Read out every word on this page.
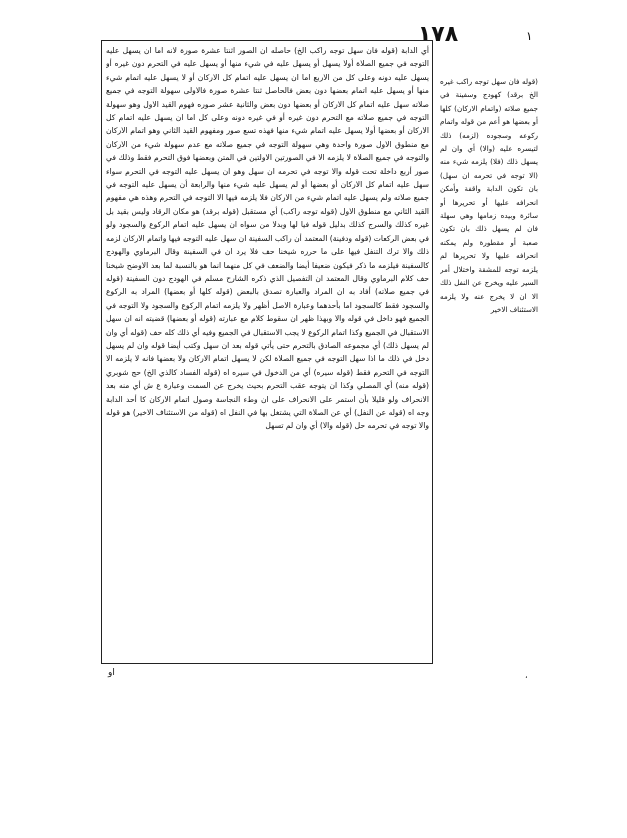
١
١٧٨
أي الدابة (قوله فان سهل توجه راكب الخ) حاصله ان الصور اثنتا عشرة صورة لانه اما ان يسهل عليه التوجه في جميع الصلاة أولا يسهل أو يسهل عليه في شيء منها أو يسهل عليه في التحرم دون غيره أو يسهل عليه دونه وعلى كل من الاربع اما ان يسهل عليه اتمام كل الاركان أو لا يسهل عليه اتمام شيء منها أو يسهل عليه اتمام بعضها دون بعض فالحاصل ثنتا عشرة صورة فالاولى سهولة التوجه في جميع صلاته سهل عليه اتمام كل الاركان أو بعضها دون بعض والثانية عشر صوره فهوم القيد الاول وهو سهولة التوجه في جميع صلاته مع التحرم دون غيره أو في غيره دونه وعلى كل اما ان يسهل عليه اتمام كل الاركان أو بعضها أولا يسهل عليه اتمام شيء منها فهذه تسع صور ومفهوم القيد الثاني وهو اتمام الاركان مع منطوق الاول صورة واحدة وهي سهولة التوجه في جميع صلاته مع عدم سهولة شيء من الاركان والتوجه في جميع الصلاة لا يلزمه الا في الصورتين الاولتين في المتن وبعضها فوق التحرم فقط وذلك في صور أربع داخلة تحت قوله والا توجه في تحرمه ان سهل وهو ان يسهل عليه التوجه في التحرم سواء سهل عليه اتمام كل الاركان أو بعضها أو لم يسهل عليه شيء منها والرابعة أن يسهل عليه التوجه في جميع صلاته ولم يسهل عليه اتمام شيء من الاركان فلا يلزمه فيها الا التوجه في التحرم وهذه هي مفهوم القيد الثاني مع منطوق الاول (قوله توجه راكب) أي مستقبل (قوله برقد) هو مكان الرقاد وليس بقيد بل غيره كذلك والسرج كذلك بدليل قوله فيا لها وبدلا من سواه ان يسهل عليه اتمام الركوع والسجود ولو في بعض الركعات (قوله ودفينة) المعتمد أن راكب السفينة ان سهل عليه التوجه فيها واتمام الاركان لزمه ذلك والا ترك التنفل فيها على ما حرره شيخنا حف فلا يرد ان في السفينة وقال البرماوي والهودج كالسفينة فيلزمه ما ذكر فيكون ضعيفا أيضا والضعف في كل منهما انما هو بالنسبة لما بعد الاوضح شيخنا حف كلام البرماوي وقال المعتمد ان التفصيل الذي ذكره الشارح مسلم في الهودج دون السفينة (قوله في جميع صلاته) أفاد به ان المراد والعبارة تصدق بالبعض (قوله كلها أو بعضها) المراد به الركوع والسجود فقط كالسجود اما بأحدهما وعبارة الاصل أظهر ولا يلزمه اتمام الركوع والسجود ولا التوجه في الجميع فهو داخل في قوله والا وبهذا ظهر ان سقوط كلام مع عبارته (قوله أو بعضها) قضيته انه ان سهل الاستقبال في الجميع وكذا اتمام الركوع لا يجب الاستقبال في الجميع وفيه أي ذلك كله حف (قوله أي وان لم يسهل ذلك) أي مجموعه الصادق بالتحرم حتى يأتي قوله بعد ان سهل وكتب أيضا قوله وان لم يسهل دخل في ذلك ما اذا سهل التوجه في جميع الصلاة لكن لا يسهل اتمام الاركان ولا بعضها فانه لا يلزمه الا التوجه في التحرم فقط (قوله سيره) أي من الدخول في سيره اه (قوله الفساد كالذي الخ) حج شوبري (قوله منه) أي المصلي وكذا ان يتوجه عقب التحرم بحيث يخرج عن السمت وعبارة ع ش أي منه بعد الانحراف ولو قليلا بأن استمر على الانحراف على ان وطء النجاسة وصول اتمام الاركان كا أحد الدابة وجه اه (قوله عن النفل) أي عن الصلاة التي يشتغل بها في النفل اه (قوله من الاستئناف الاخير) هو قوله والا توجه في تحرمه حل (قوله والا) أي وان لم تسهل
(قوله فان سهل توجه راكب غيره الخ برقد) كهودج وسفينة في جميع صلاته (واتمام الاركان) كلها أو بعضها هو أعم من قوله واتمام ركوعه وسجوده (لزمه) ذلك لتيسره عليه (والا) أي وان لم يسهل ذلك (فلا) يلزمه شيء منه (الا توجه في تحرمه ان سهل) بان تكون الدابة واقفة وأمكن انحرافه عليها أو تحريرها أو سائرة وبيده زمامها وهي سهلة فان لم يسهل ذلك بان تكون صعبة أو مقطورة ولم يمكنه انحرافه عليها ولا تحريرها لم يلزمه توجه للمشقة واختلال أمر السير عليه ويخرج عن النفل ذلك الا ان لا يخرج عنه ولا يلزمه الاستئناف الاخير
او	،
